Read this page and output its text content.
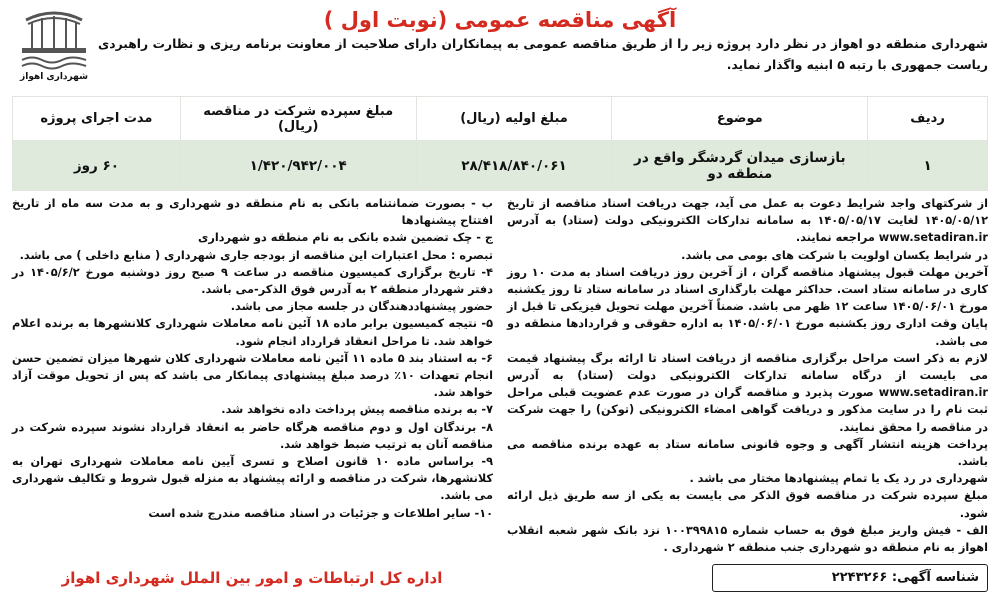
شهرداری اهواز
آگهی مناقصه عمومی (نوبت اول )
شهرداری منطقه دو اهواز در نظر دارد پروژه زیر را از طریق مناقصه عمومی به پیمانکاران دارای صلاحیت از معاونت برنامه ریزی و نظارت راهبردی ریاست جمهوری با رتبه ۵ ابنیه واگذار نماید.
ردیف	موضوع	مبلغ اولیه (ریال)	مبلغ سپرده شرکت در مناقصه (ریال)	مدت اجرای پروژه
۱	بازسازی میدان گردشگر واقع در منطقه دو	۲۸/۴۱۸/۸۴۰/۰۶۱	۱/۴۲۰/۹۴۲/۰۰۴	۶۰ روز

از شرکتهای واجد شرایط دعوت به عمل می آید، جهت دریافت اسناد مناقصه از تاریخ ۱۴۰۵/۰۵/۱۲ لغایت ۱۴۰۵/۰۵/۱۷ به سامانه تدارکات الکترونیکی دولت (ستاد) به آدرس www.setadiran.ir مراجعه نمایند.

در شرایط یکسان اولویت با شرکت های بومی می باشد.

آخرین مهلت قبول پیشنهاد مناقصه گران ، از آخرین روز دریافت اسناد به مدت ۱۰ روز کاری در سامانه ستاد است. حداکثر مهلت بارگذاری اسناد در سامانه ستاد تا روز یکشنبه مورخ ۱۴۰۵/۰۶/۰۱ ساعت ۱۲ ظهر می باشد. ضمناً آخرین مهلت تحویل فیزیکی تا قبل از پایان وقت اداری روز یکشنبه مورخ ۱۴۰۵/۰۶/۰۱ به اداره حقوقی و قراردادها منطقه دو می باشد.

لازم به ذکر است مراحل برگزاری مناقصه از دریافت اسناد تا ارائه برگ پیشنهاد قیمت می بایست از درگاه سامانه تدارکات الکترونیکی دولت (ستاد) به آدرس www.setadiran.ir صورت پذیرد و مناقصه گران در صورت عدم عضویت قبلی مراحل ثبت نام را در سایت مذکور و دریافت گواهی امضاء الکترونیکی (توکن) را جهت شرکت در مناقصه را محقق نمایند.

پرداخت هزینه انتشار آگهی و وجوه قانونی سامانه ستاد به عهده برنده مناقصه می باشد.

شهرداری در رد یک یا تمام پیشنهادها مختار می باشد .

مبلغ سپرده شرکت در مناقصه فوق الذکر می بایست به یکی از سه طریق ذیل ارائه شود.

الف - فیش واریز مبلغ فوق به حساب شماره ۱۰۰۳۹۹۸۱۵ نزد بانک شهر شعبه انقلاب اهواز به نام منطقه دو شهرداری جنب منطقه ۲ شهرداری .

ب - بصورت ضمانتنامه بانکی به نام منطقه دو شهرداری و به مدت سه ماه از تاریخ افتتاح پیشنهادها

ج - چک تضمین شده بانکی به نام منطقه دو شهرداری

تبصره : محل اعتبارات این مناقصه از بودجه جاری شهرداری ( منابع داخلی ) می باشد.

۴- تاریخ برگزاری کمیسیون مناقصه در ساعت ۹ صبح روز دوشنبه مورخ ۱۴۰۵/۶/۲ در دفتر شهردار منطقه ۲ به آدرس فوق الذکر-می باشد.

حضور پیشنهاددهندگان در جلسه مجاز می باشد.

۵- نتیجه کمیسیون برابر ماده ۱۸ آئین نامه معاملات شهرداری کلانشهرها به برنده اعلام خواهد شد. تا مراحل انعقاد قرارداد انجام شود.

۶- به استناد بند ۵ ماده ۱۱ آئین نامه معاملات شهرداری کلان شهرها میزان تضمین حسن انجام تعهدات ۱۰٪ درصد مبلغ پیشنهادی پیمانکار می باشد که پس از تحویل موقت آزاد خواهد شد.

۷- به برنده مناقصه پیش پرداخت داده نخواهد شد.

۸- برندگان اول و دوم مناقصه هرگاه حاضر به انعقاد قرارداد نشوند سپرده شرکت در مناقصه آنان به ترتیب ضبط خواهد شد.

۹- براساس ماده ۱۰ قانون اصلاح و تسری آیین نامه معاملات شهرداری تهران به کلانشهرها، شرکت در مناقصه و ارائه پیشنهاد به منزله قبول شروط و تکالیف شهرداری می باشد.

۱۰- سایر اطلاعات و جزئیات در اسناد مناقصه مندرج شده است

شناسه آگهی: ۲۲۴۳۲۶۶
اداره کل ارتباطات و امور بین الملل شهرداری اهواز
